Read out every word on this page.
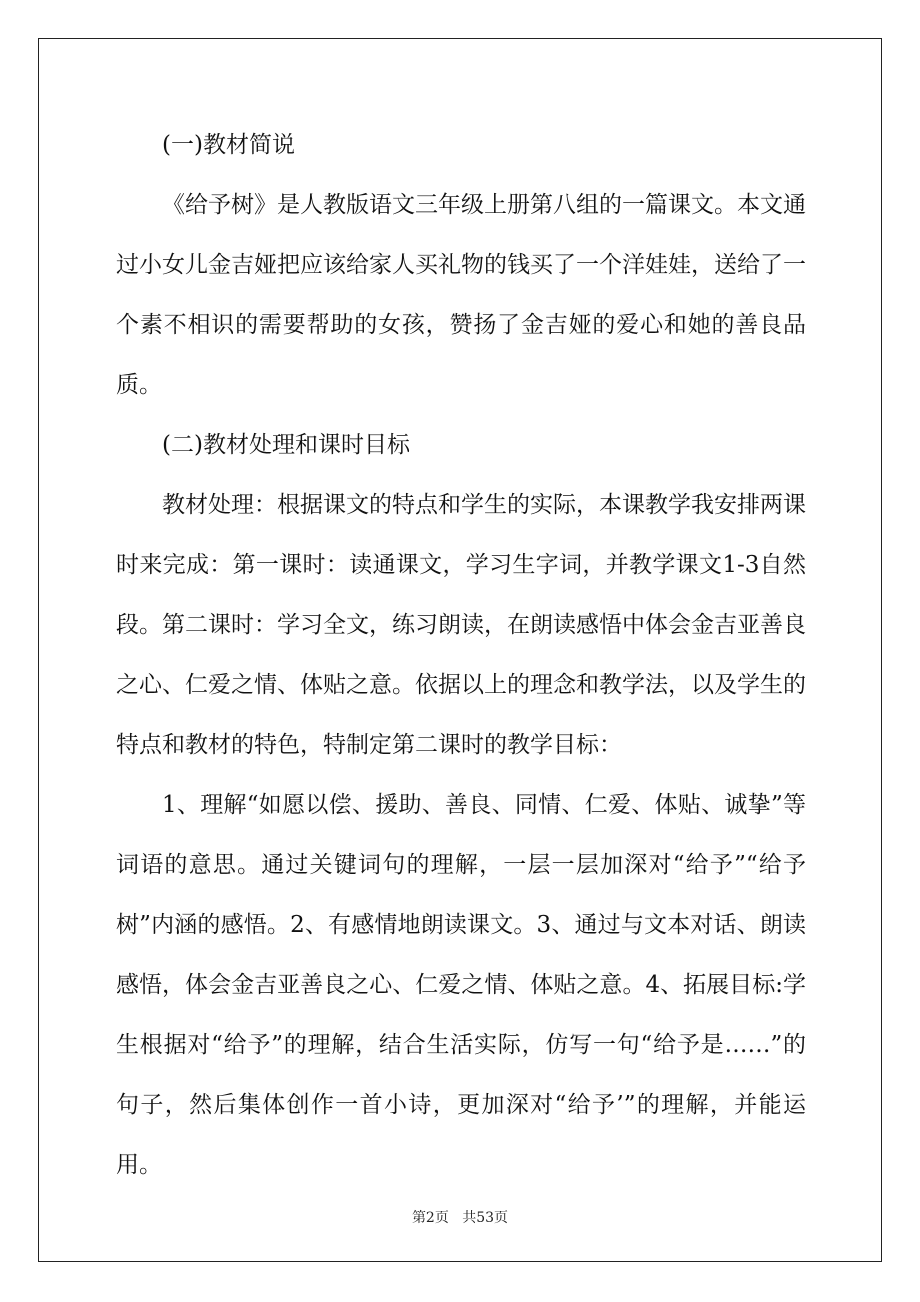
(一)教材简说

《给予树》是人教版语文三年级上册第八组的一篇课文。本文通过小女儿金吉娅把应该给家人买礼物的钱买了一个洋娃娃，送给了一个素不相识的需要帮助的女孩，赞扬了金吉娅的爱心和她的善良品质。

(二)教材处理和课时目标

教材处理：根据课文的特点和学生的实际，本课教学我安排两课时来完成：第一课时：读通课文，学习生字词，并教学课文1-3自然段。第二课时：学习全文，练习朗读，在朗读感悟中体会金吉亚善良之心、仁爱之情、体贴之意。依据以上的理念和教学法，以及学生的特点和教材的特色，特制定第二课时的教学目标：

1、理解“如愿以偿、援助、善良、同情、仁爱、体贴、诚挚”等词语的意思。通过关键词句的理解，一层一层加深对“给予”“给予树”内涵的感悟。2、有感情地朗读课文。3、通过与文本对话、朗读感悟，体会金吉亚善良之心、仁爱之情、体贴之意。4、拓展目标:学生根据对“给予”的理解，结合生活实际，仿写一句“给予是……”的句子，然后集体创作一首小诗，更加深对“给予’”的理解，并能运用。

第2页 共53页
